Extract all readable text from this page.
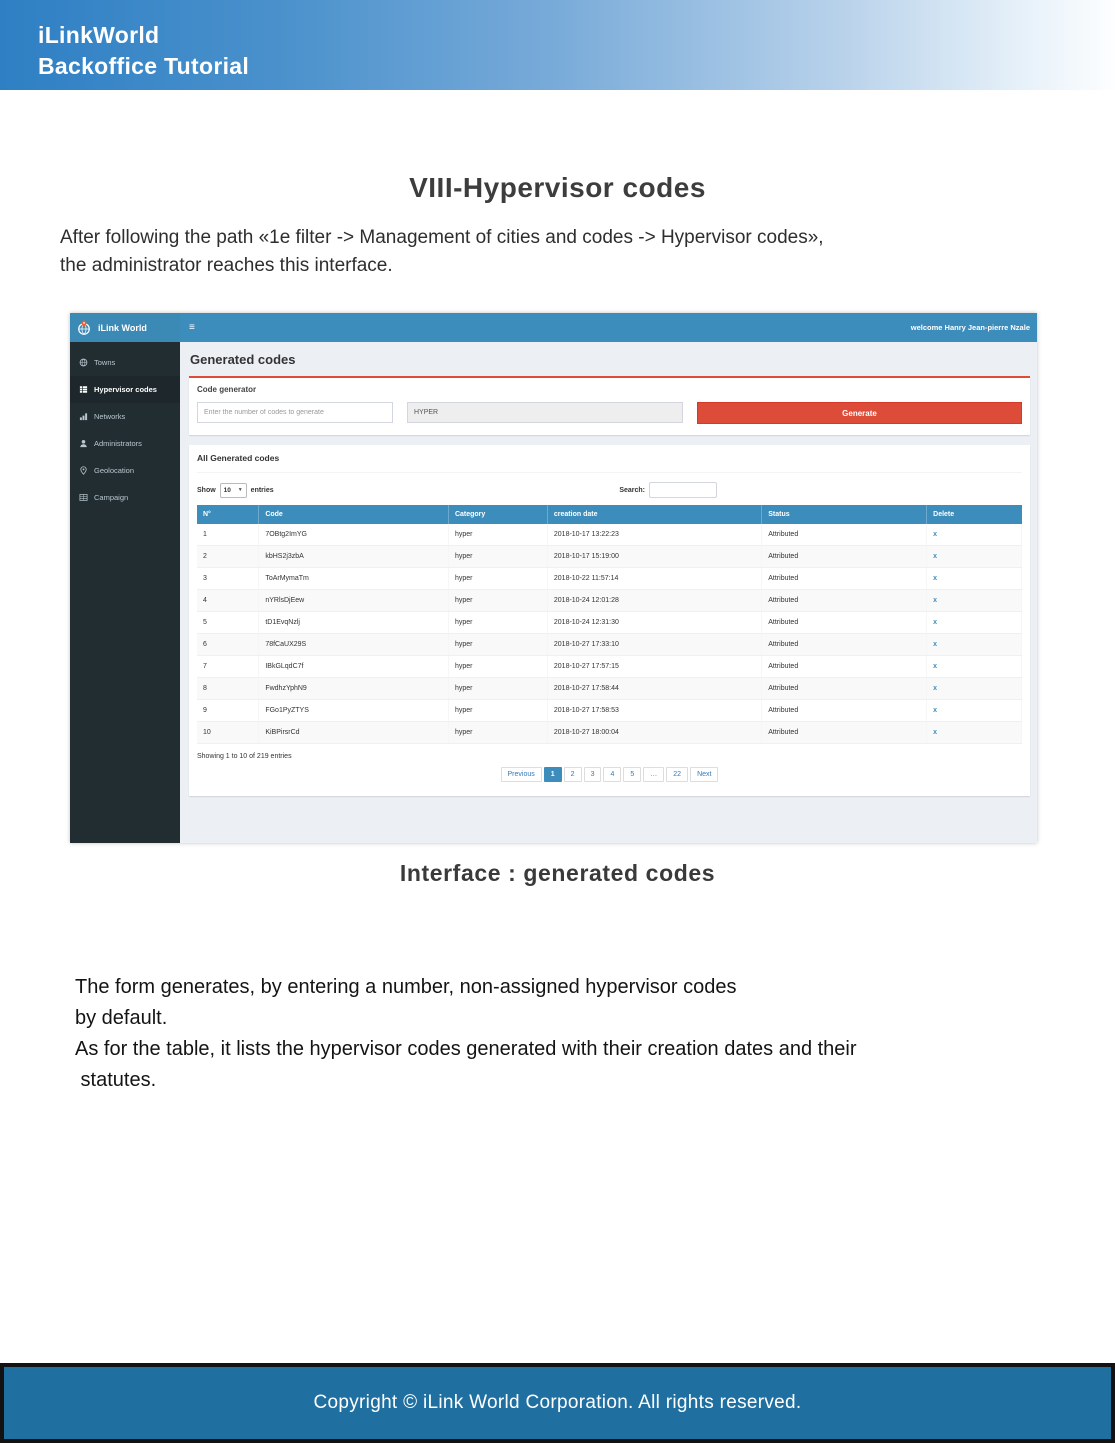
iLinkWorld
Backoffice Tutorial
VIII-Hypervisor codes
After following the path «1e filter -> Management of cities and codes -> Hypervisor codes»,
the administrator reaches this interface.
iLink World	≡	welcome Hanry Jean-pierre Nzale
Towns
Hypervisor codes
Networks
Administrators
Geolocation
Campaign
Generated codes
Code generator
Enter the number of codes to generate
HYPER
Generate
All Generated codes
Show 10 ▼ entries	Search:
N°	Code	Category	creation date	Status	Delete
1	7OBtg2ImYG	hyper	2018-10-17 13:22:23	Attributed	x
2	kbHS2j3zbA	hyper	2018-10-17 15:19:00	Attributed	x
3	ToArMymaTm	hyper	2018-10-22 11:57:14	Attributed	x
4	nYRlsDjEew	hyper	2018-10-24 12:01:28	Attributed	x
5	tD1EvqNzlj	hyper	2018-10-24 12:31:30	Attributed	x
6	78fCaUX29S	hyper	2018-10-27 17:33:10	Attributed	x
7	IBkGLqdC7f	hyper	2018-10-27 17:57:15	Attributed	x
8	FwdhzYphN9	hyper	2018-10-27 17:58:44	Attributed	x
9	FGo1PyZTYS	hyper	2018-10-27 17:58:53	Attributed	x
10	KiBPirsrCd	hyper	2018-10-27 18:00:04	Attributed	x
Showing 1 to 10 of 219 entries
Previous	1	2	3	4	5	…	22	Next
Interface : generated codes
The form generates, by entering a number, non-assigned hypervisor codes
by default.
As for the table, it lists the hypervisor codes generated with their creation dates and their
statutes.
Copyright © iLink World Corporation. All rights reserved.
